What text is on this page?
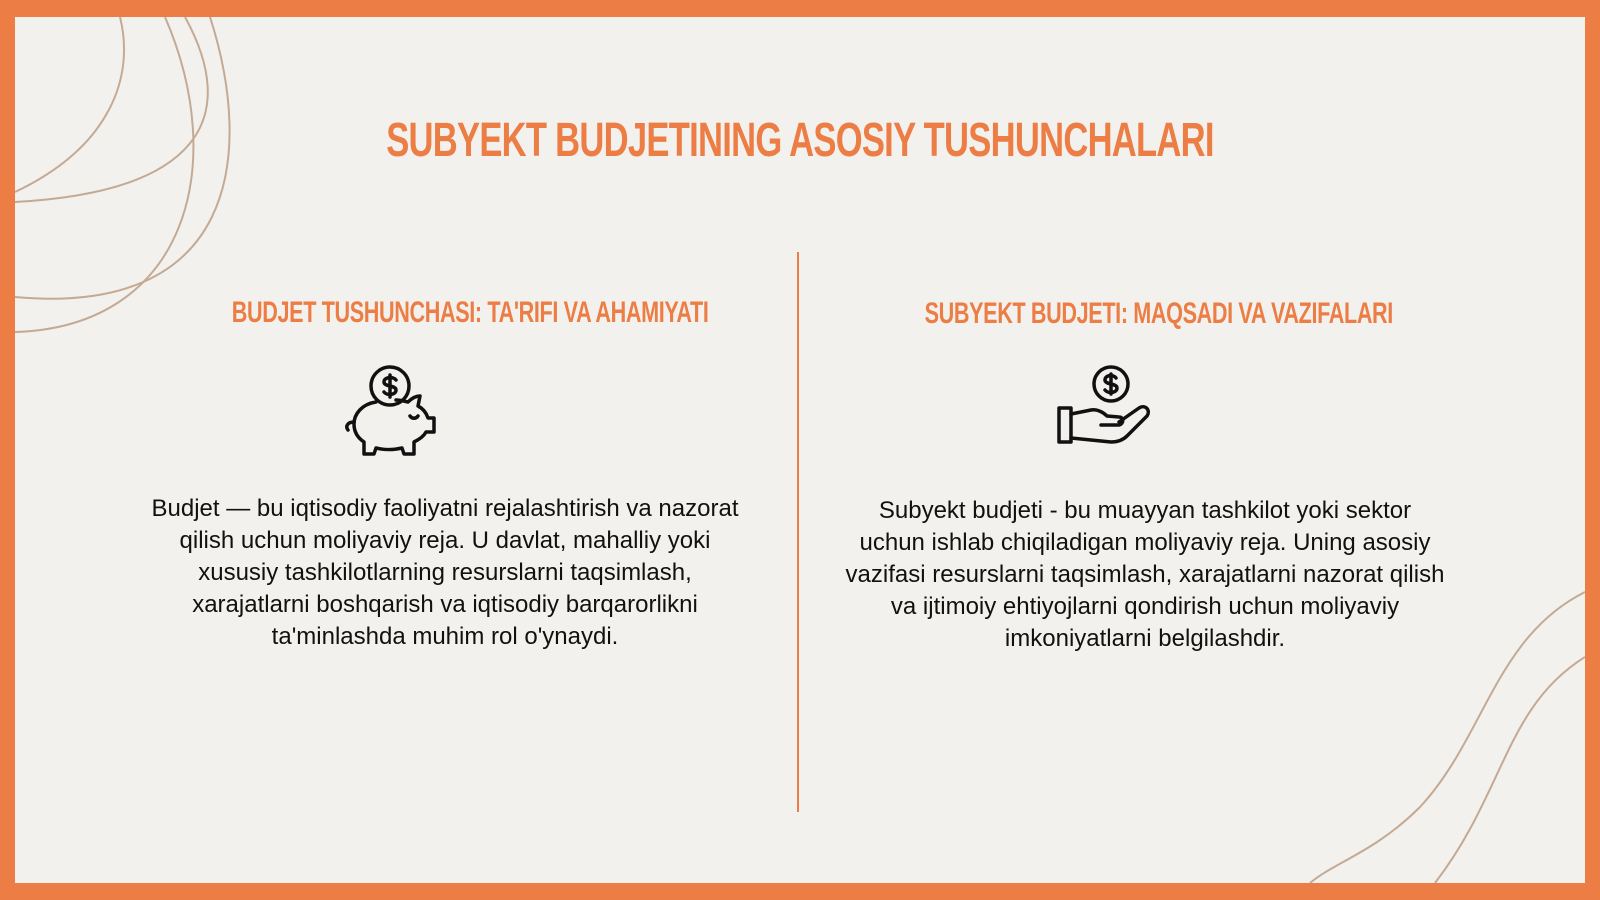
SUBYEKT BUDJETINING ASOSIY TUSHUNCHALARI
BUDJET TUSHUNCHASI: TA'RIFI VA AHAMIYATI	SUBYEKT BUDJETI: MAQSADI VA VAZIFALARI

Budjet — bu iqtisodiy faoliyatni rejalashtirish va nazorat qilish uchun moliyaviy reja. U davlat, mahalliy yoki xususiy tashkilotlarning resurslarni taqsimlash, xarajatlarni boshqarish va iqtisodiy barqarorlikni ta'minlashda muhim rol o'ynaydi.

Subyekt budjeti - bu muayyan tashkilot yoki sektor uchun ishlab chiqiladigan moliyaviy reja. Uning asosiy vazifasi resurslarni taqsimlash, xarajatlarni nazorat qilish va ijtimoiy ehtiyojlarni qondirish uchun moliyaviy imkoniyatlarni belgilashdir.
